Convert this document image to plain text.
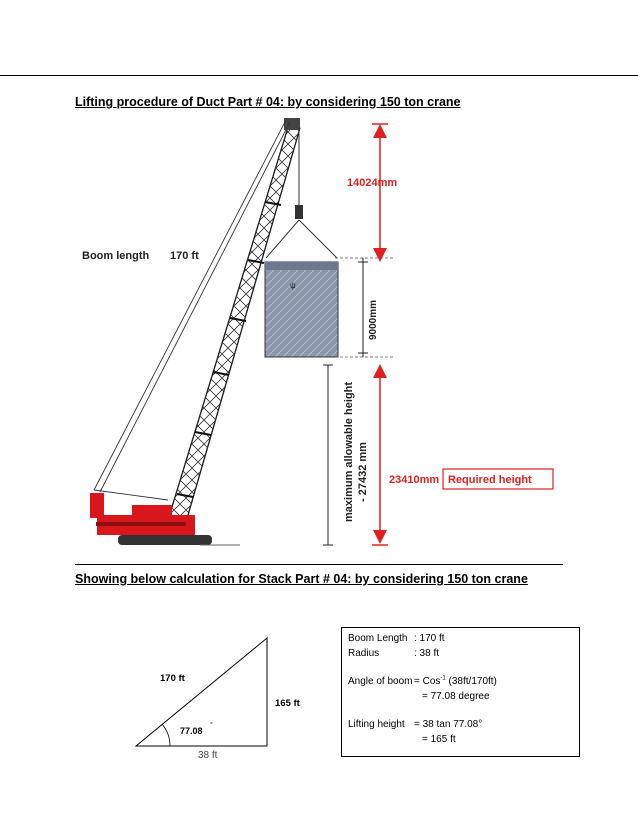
Lifting procedure of Duct Part # 04: by considering 150 ton crane
ψ
14024mm
9000mm
maximum allowable height - 27432 mm 23410mm Required height
Boom length 170 ft
Showing below calculation for Stack Part # 04: by considering 150 ton crane
170 ft
165 ft
38 ft
77.08
°
Boom Length : 170 ft
Radius	: 38 ft
Angle of boom = Cos$^{-1}$ (38ft/170ft)
= 77.08 degree
Lifting height = 38 tan 77.08°
= 165 ft
